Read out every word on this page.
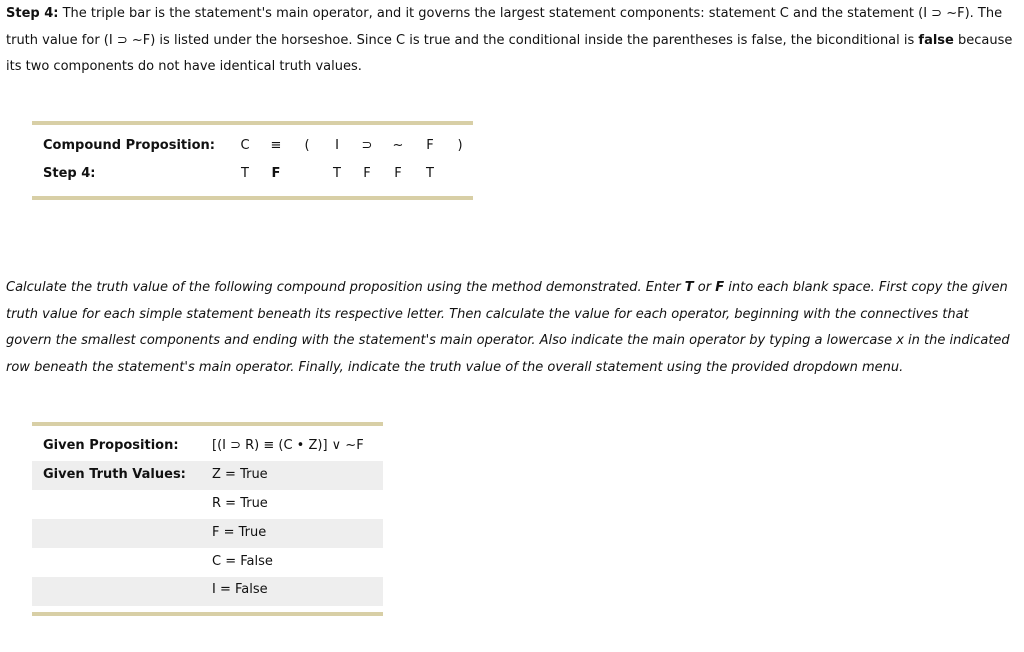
Step 4: The triple bar is the statement's main operator, and it governs the largest statement components: statement C and the statement (I ⊃ ~F). The truth value for (I ⊃ ~F) is listed under the horseshoe. Since C is true and the conditional inside the parentheses is false, the biconditional is false because its two components do not have identical truth values.
Compound Proposition:
Step 4:
C
T
≡
F
(	I
T
⊃
F
~
F
F
T
)
Calculate the truth value of the following compound proposition using the method demonstrated. Enter T or F into each blank space. First copy the given truth value for each simple statement beneath its respective letter. Then calculate the value for each operator, beginning with the connectives that govern the smallest components and ending with the statement's main operator. Also indicate the main operator by typing a lowercase x in the indicated row beneath the statement's main operator. Finally, indicate the truth value of the overall statement using the provided dropdown menu.
Given Proposition:	[(I ⊃ R) ≡ (C • Z)] ∨ ~F
Given Truth Values: Z = True
R = True
F = True
C = False
I = False
